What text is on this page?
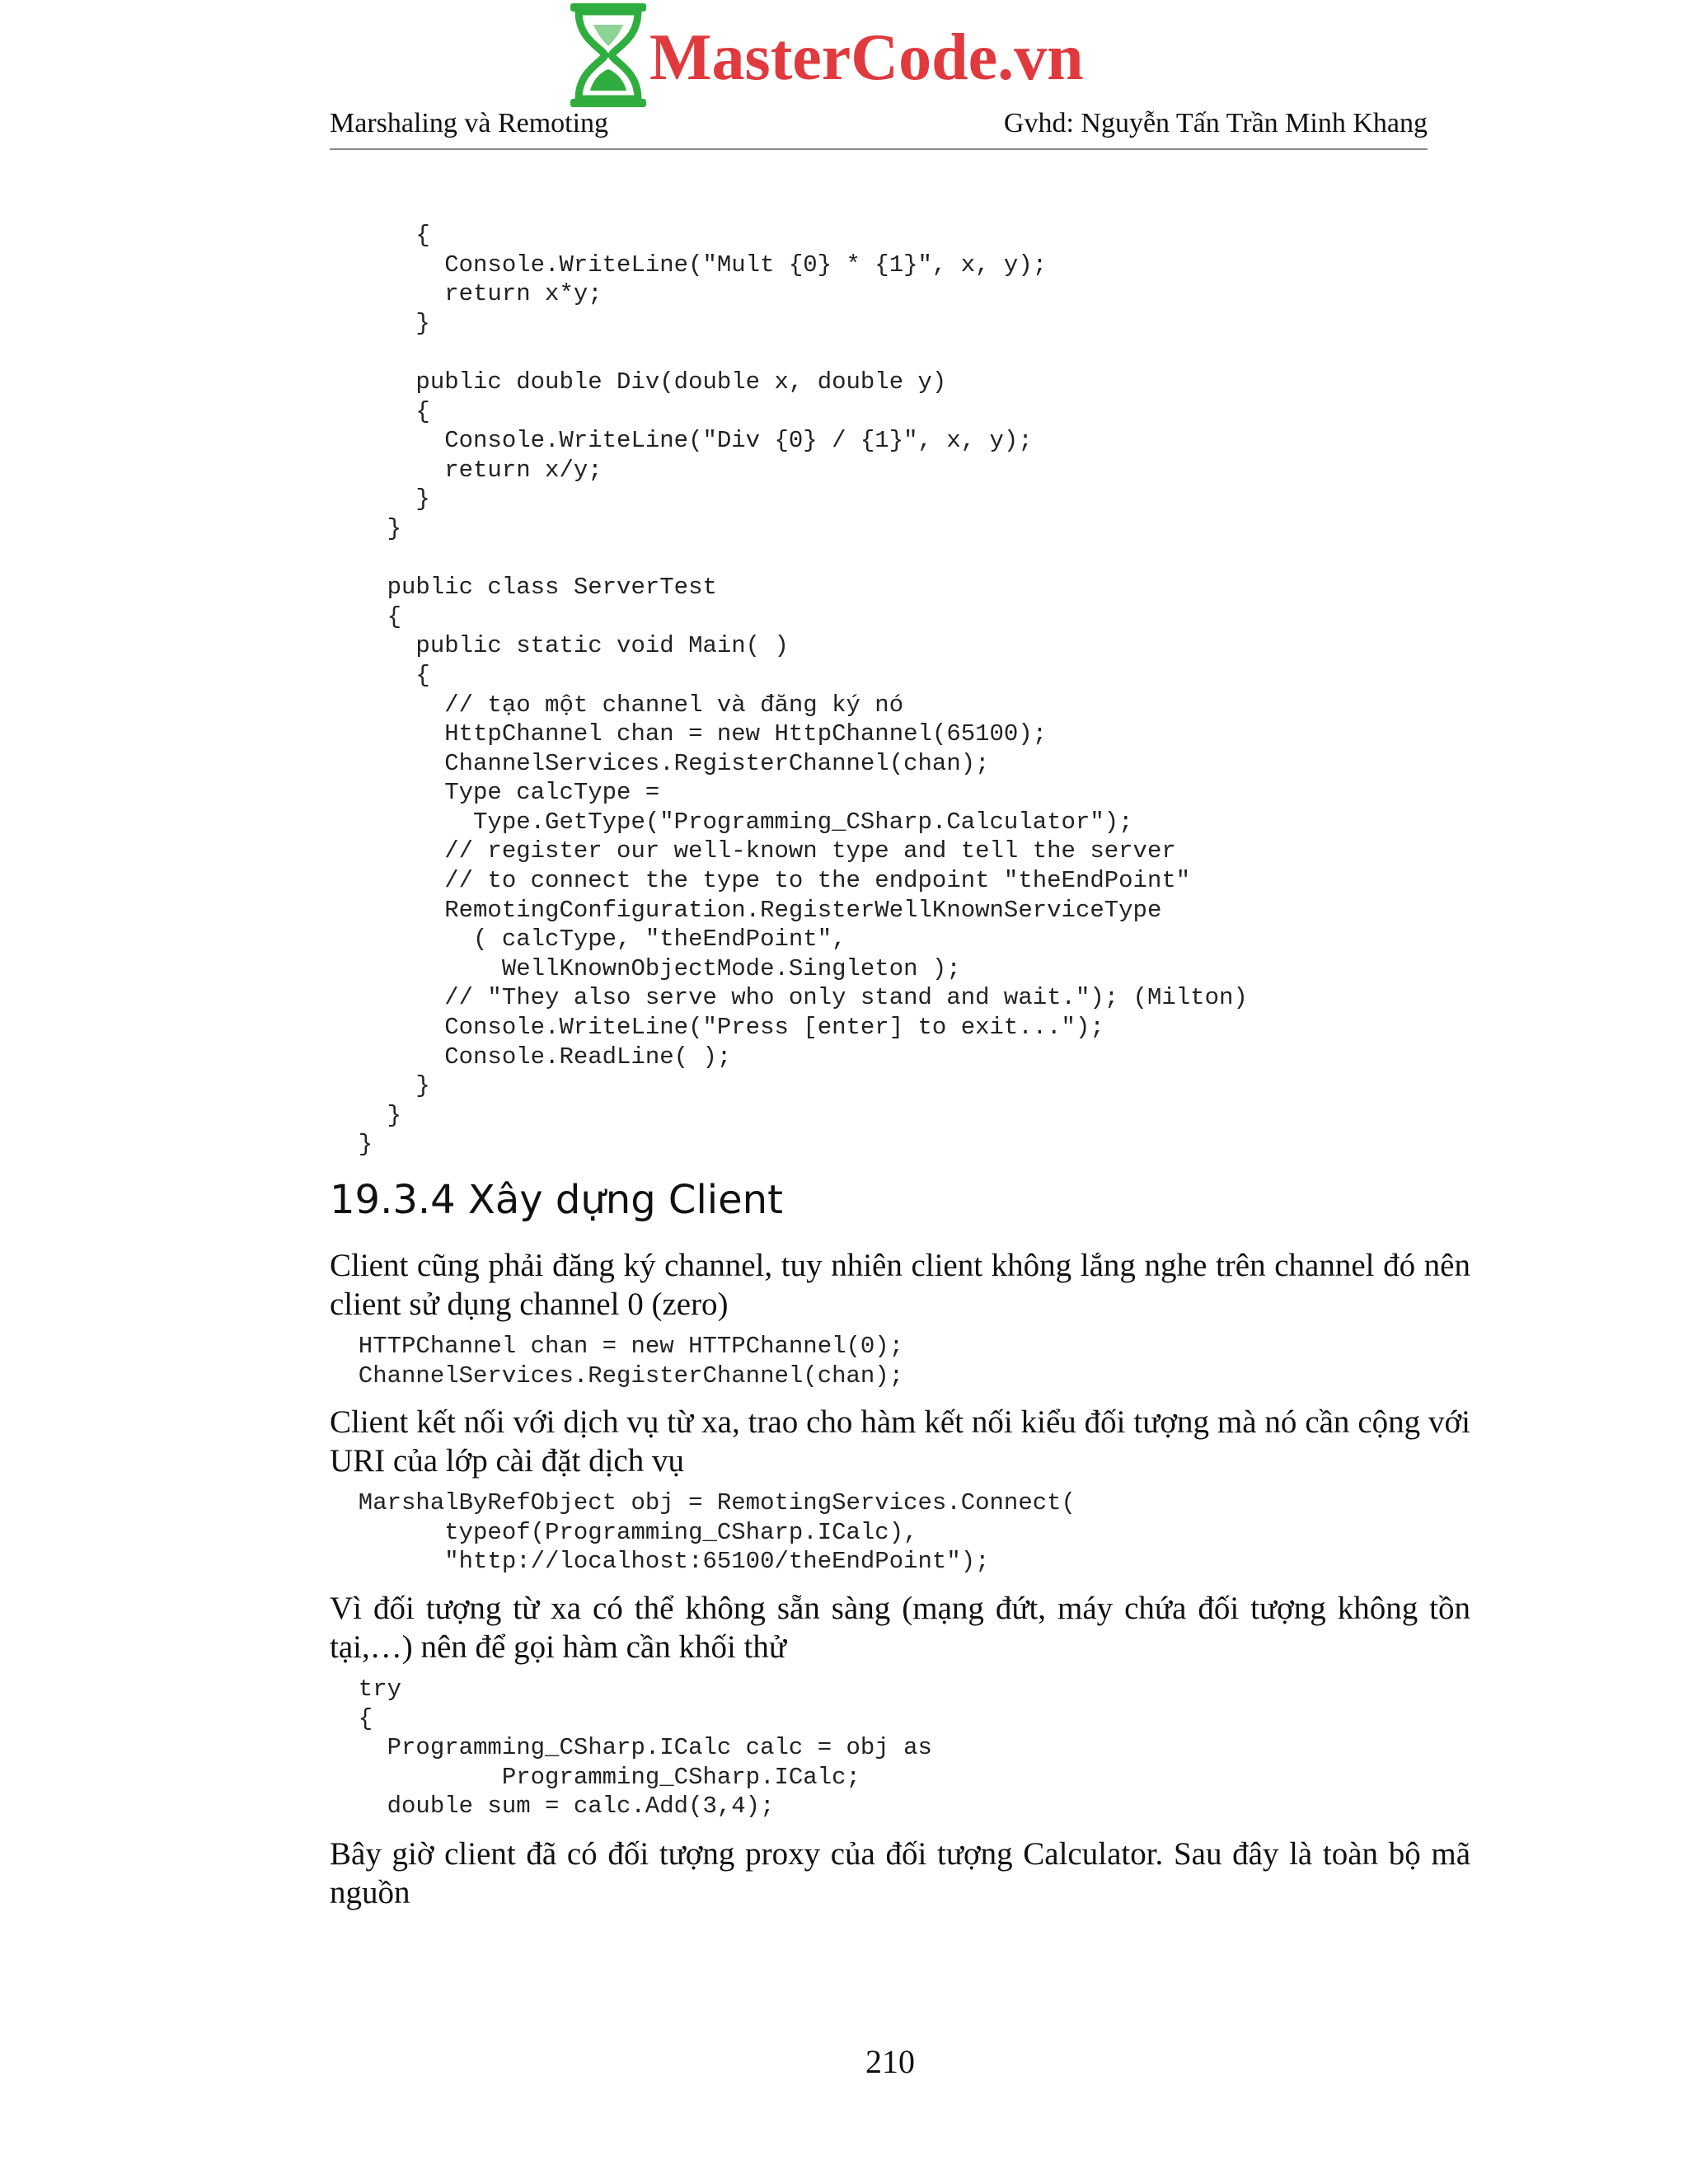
MasterCode.vn
Marshaling và Remoting	Gvhd: Nguyễn Tấn Trần Minh Khang
{
Console.WriteLine("Mult {0} * {1}", x, y);
return x*y;
}

public double Div(double x, double y)
{
Console.WriteLine("Div {0} / {1}", x, y);
return x/y;
}
}

public class ServerTest
{
public static void Main( )
{
// tạo một channel và đăng ký nó
HttpChannel chan = new HttpChannel(65100);
ChannelServices.RegisterChannel(chan);
Type calcType =
Type.GetType("Programming_CSharp.Calculator");
// register our well-known type and tell the server
// to connect the type to the endpoint "theEndPoint"
RemotingConfiguration.RegisterWellKnownServiceType
( calcType, "theEndPoint",
WellKnownObjectMode.Singleton );
// "They also serve who only stand and wait."); (Milton)
Console.WriteLine("Press [enter] to exit...");
Console.ReadLine( );
}
}
}
19.3.4 Xây dựng Client
Client cũng phải đăng ký channel, tuy nhiên client không lắng nghe trên channel đó nên client sử dụng channel 0 (zero)
HTTPChannel chan = new HTTPChannel(0);
ChannelServices.RegisterChannel(chan);
Client kết nối với dịch vụ từ xa, trao cho hàm kết nối kiểu đối tượng mà nó cần cộng với URI của lớp cài đặt dịch vụ
MarshalByRefObject obj = RemotingServices.Connect(
typeof(Programming_CSharp.ICalc),
"http://localhost:65100/theEndPoint");
Vì đối tượng từ xa có thể không sẵn sàng (mạng đứt, máy chứa đối tượng không tồn tại,…) nên để gọi hàm cần khối thử
try
{
Programming_CSharp.ICalc calc = obj as
Programming_CSharp.ICalc;
double sum = calc.Add(3,4);
Bây giờ client đã có đối tượng proxy của đối tượng Calculator. Sau đây là toàn bộ mã nguồn
210
